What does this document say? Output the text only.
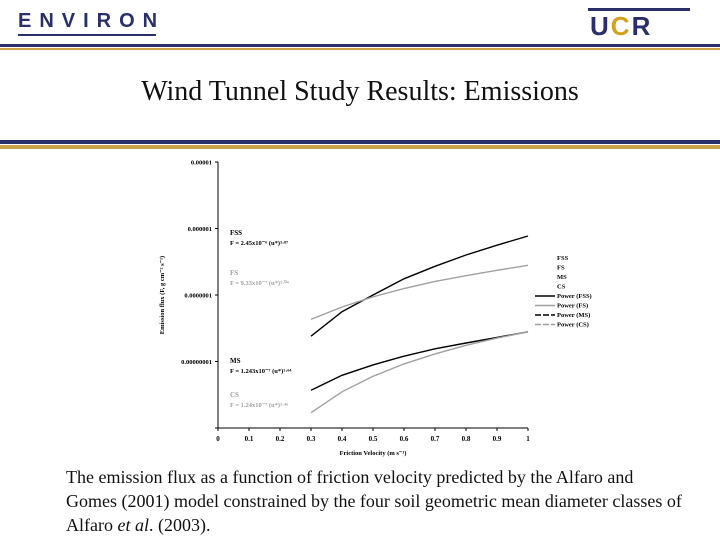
ENVIRON	UCR
Wind Tunnel Study Results: Emissions
0.00000001
0.0000001
0.000001
0.00001
0	0.1	0.2	0.3	0.4	0.5	0.6	0.7	0.8	0.9	1
Friction Velocity (m s⁻¹)
Emission flux (F, g cm⁻² s⁻¹)
FSS
F = 2.45x10⁻⁶ (u*)³·⁸⁷
FS
F = 9.33x10⁻⁷ (u*)³·⁰⁴
MS
F = 1.243x10⁻⁷ (u*)¹·⁶⁴
CS
F = 1.24x10⁻⁷ (u*)³·⁴⁶
FSS
FS
MS
CS
Power (FSS)
Power (FS)
Power (MS)
Power (CS)
The emission flux as a function of friction velocity predicted by the Alfaro and Gomes (2001) model constrained by the four soil geometric mean diameter classes of Alfaro et al. (2003).
